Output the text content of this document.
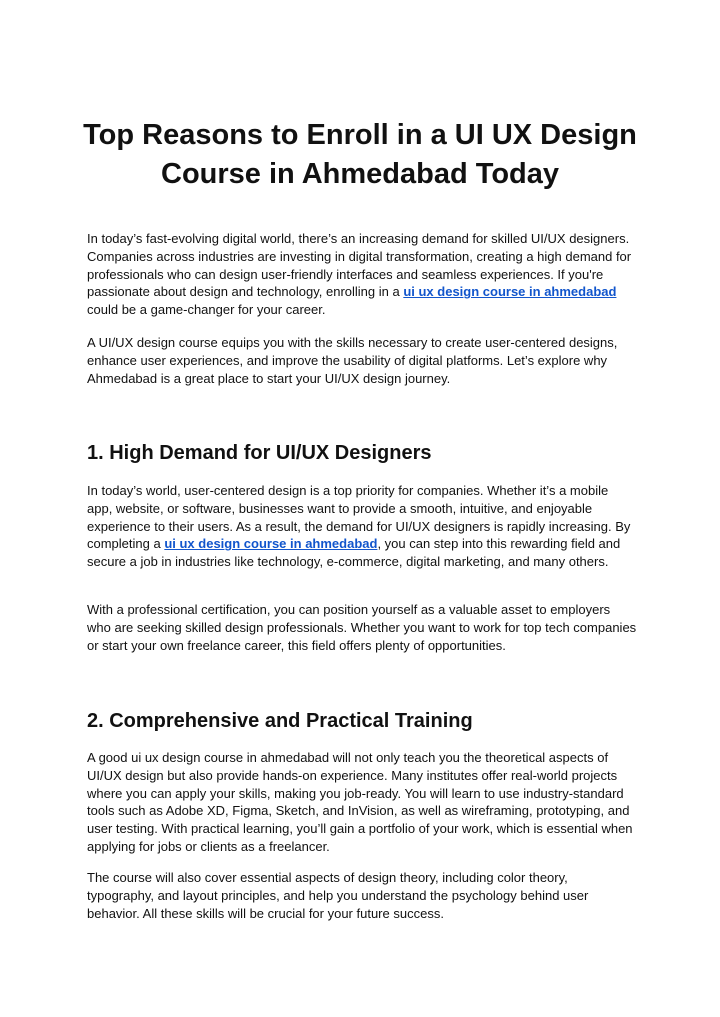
Top Reasons to Enroll in a UI UX Design Course in Ahmedabad Today

In today’s fast-evolving digital world, there’s an increasing demand for skilled UI/UX designers. Companies across industries are investing in digital transformation, creating a high demand for professionals who can design user-friendly interfaces and seamless experiences. If you're passionate about design and technology, enrolling in a ui ux design course in ahmedabad could be a game-changer for your career.

A UI/UX design course equips you with the skills necessary to create user-centered designs, enhance user experiences, and improve the usability of digital platforms. Let’s explore why Ahmedabad is a great place to start your UI/UX design journey.

1. High Demand for UI/UX Designers

In today’s world, user-centered design is a top priority for companies. Whether it’s a mobile app, website, or software, businesses want to provide a smooth, intuitive, and enjoyable experience to their users. As a result, the demand for UI/UX designers is rapidly increasing. By completing a ui ux design course in ahmedabad, you can step into this rewarding field and secure a job in industries like technology, e-commerce, digital marketing, and many others.

With a professional certification, you can position yourself as a valuable asset to employers who are seeking skilled design professionals. Whether you want to work for top tech companies or start your own freelance career, this field offers plenty of opportunities.

2. Comprehensive and Practical Training

A good ui ux design course in ahmedabad will not only teach you the theoretical aspects of UI/UX design but also provide hands-on experience. Many institutes offer real-world projects where you can apply your skills, making you job-ready. You will learn to use industry-standard tools such as Adobe XD, Figma, Sketch, and InVision, as well as wireframing, prototyping, and user testing. With practical learning, you’ll gain a portfolio of your work, which is essential when applying for jobs or clients as a freelancer.

The course will also cover essential aspects of design theory, including color theory, typography, and layout principles, and help you understand the psychology behind user behavior. All these skills will be crucial for your future success.
